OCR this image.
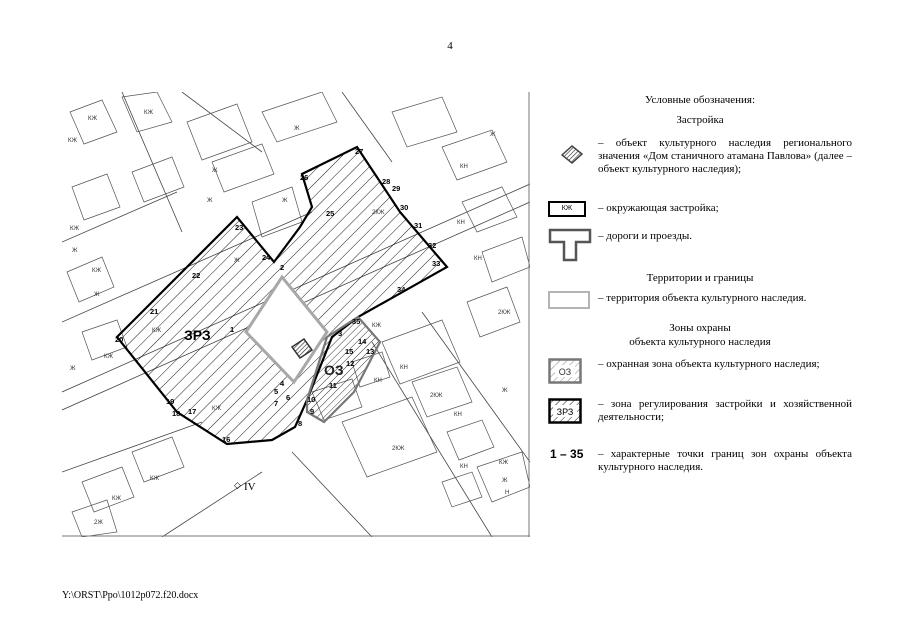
4
ЗРЗ
ОЗ
IV
◇
КЖ
КЖ
Ж
Ж
КЖ
Ж	Ж
КЖ
КН
Ж
КН
Ж
КЖ
Ж
КЖ
2КЖ
КЖ
КН
КН
2КЖ
КН
Ж
2КЖ
КН
КЖ
Ж
КН
КЖ
КЖ
2Ж
КЖ
Ж
Н
КЖ
2КЖ
Ж
1
2
3
4
5
6
7
8
9
10
11
12
13
14
15
16
17
18
19
20
21
22
23
24
25
26
27
28
29
30
31
32
33
34
35
Условные обозначения:
Застройка
– объект культурного наследия регионального значения «Дом станичного атамана Павлова» (далее – объект культурного наследия);
КЖ	– окружающая застройка;
– дороги и проезды.
Территории и границы
– территория объекта культурного наследия.
Зоны охраны
объекта культурного наследия
ОЗ
– охранная зона объекта культурного наследия;
ЗРЗ
– зона регулирования застройки и хозяйственной деятельности;
1 – 35 – характерные точки границ зон охраны объекта культурного наследия.
Y:\ORST\Ppo\1012p072.f20.docx
